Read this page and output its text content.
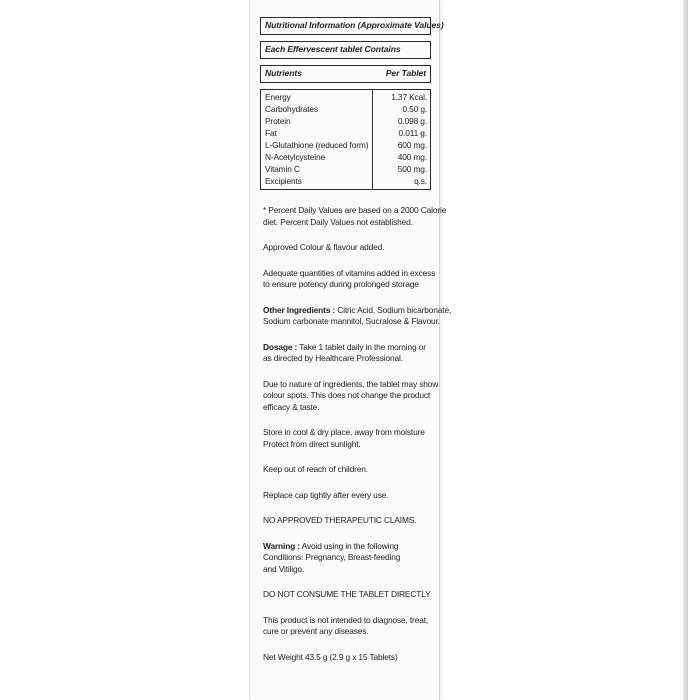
Nutritional Information (Approximate Values)
Each Effervescent tablet Contains
Nutrients	Per Tablet
Energy
Carbohydrates
Protein
Fat
L-Glutathione (reduced form)
N-Acetylcysteine
Vitamin C
Excipients
1.37 Kcal.
0.50 g.
0.098 g.
0.011 g.
600 mg.
400 mg.
500 mg.
q.s.

* Percent Daily Values are based on a 2000 Calorie
diet. Percent Daily Values not established.

Approved Colour & flavour added.

Adequate quantities of vitamins added in excess
to ensure potency during prolonged storage

Other Ingredients : Citric Acid, Sodium bicarbonate,
Sodium carbonate mannitol, Sucralose & Flavour.

Dosage : Take 1 tablet daily in the morning or
as directed by Healthcare Professional.

Due to nature of ingredients, the tablet may show
colour spots. This does not change the product
efficacy & taste.

Store in cool & dry place, away from moisture
Protect from direct sunlight.

Keep out of reach of children.

Replace cap tightly after every use.

NO APPROVED THERAPEUTIC CLAIMS.

Warning : Avoid using in the following
Conditions: Pregnancy, Breast-feeding
and Vitiligo.

DO NOT CONSUME THE TABLET DIRECTLY

This product is not intended to diagnose, treat,
cure or prevent any diseases.

Net Weight 43.5 g (2.9 g x 15 Tablets)
